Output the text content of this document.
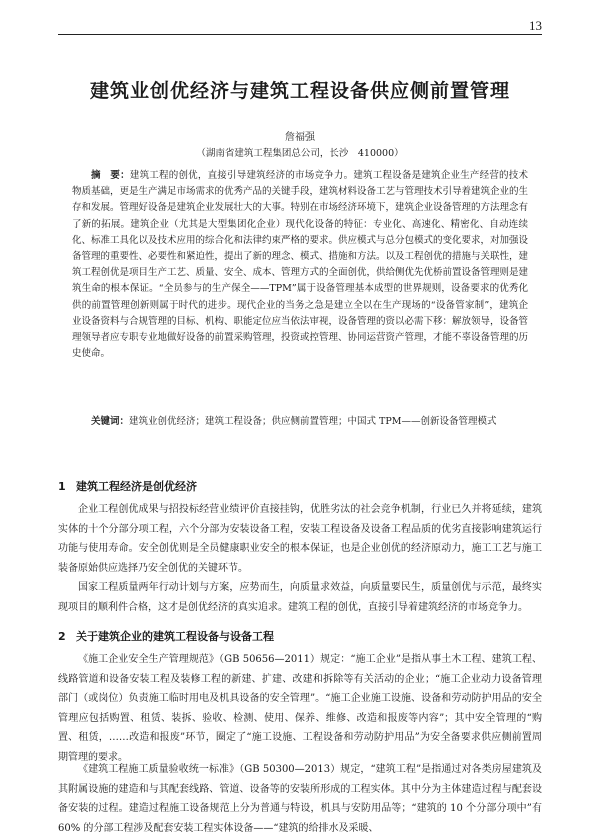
13
建筑业创优经济与建筑工程设备供应侧前置管理
詹福强
（湖南省建筑工程集团总公司，长沙　410000）

摘　要：建筑工程的创优，直接引导建筑经济的市场竞争力。建筑工程设备是建筑企业生产经营的技术物质基础，更是生产满足市场需求的优秀产品的关键手段，建筑材料设备工艺与管理技术引导着建筑企业的生存和发展。管理好设备是建筑企业发展壮大的大事。特别在市场经济环境下，建筑企业设备管理的方法理念有了新的拓展。建筑企业（尤其是大型集团化企业）现代化设备的特征：专业化、高速化、精密化、自动连续化、标准工具化以及技术应用的综合化和法律约束严格的要求。供应模式与总分包模式的变化要求，对加强设备管理的重要性、必要性和紧迫性，提出了新的理念、模式、措施和方法。以及工程创优的措施与关联性，建筑工程创优是项目生产工艺、质量、安全、成本、管理方式的全面创优，供给侧优先优桥前置设备管理则是建筑生命的根本保证。“全员参与的生产保全——TPM”属于设备管理基本成型的世界规则，设备要求的优秀化供的前置管理创新则属于时代的进步。现代企业的当务之急是建立全以在生产现场的“设备管家制”，建筑企业设备资料与合规管理的目标、机构、职能定位应当依法审视，设备管理的资以必需下移：解放领导，设备管理领导者应专职专业地做好设备的前置采购管理，投资或控管理、协同运营资产管理，才能不辜设备管理的历史使命。

关键词：建筑业创优经济；建筑工程设备；供应侧前置管理；中国式 TPM——创新设备管理模式

1 建筑工程经济是创优经济

企业工程创优成果与招投标经营业绩评价直接挂钩，优胜劣汰的社会竞争机制，行业已久并将延续，建筑实体的十个分部分项工程，六个分部为安装设备工程，安装工程设备及设备工程品质的优劣直接影响建筑运行功能与使用寿命。安全创优则是全员健康职业安全的根本保证，也是企业创优的经济原动力，施工工艺与施工装备原始供应选择乃安全创优的关键环节。

国家工程质量两年行动计划与方案，应势而生，向质量求效益，向质量要民生，质量创优与示范，最终实现项目的顺利件合格，这才是创优经济的真实追求。建筑工程的创优，直接引导着建筑经济的市场竞争力。

2 关于建筑企业的建筑工程设备与设备工程

《施工企业安全生产管理规范》（GB 50656—2011）规定：“施工企业”是指从事土木工程、建筑工程、线路管道和设备安装工程及装修工程的新建、扩建、改建和拆除等有关活动的企业；“施工企业动力设备管理部门（或岗位）负责施工临时用电及机具设备的安全管理”。“施工企业施工设施、设备和劳动防护用品的安全管理应包括购置、租赁、装拆、验收、检测、使用、保养、维修、改造和报废等内容”；其中安全管理的“购置、租赁，……改造和报废”环节，圈定了“施工设施、工程设备和劳动防护用品”为安全备要求供应侧前置周期管理的要求。

《建筑工程施工质量验收统一标准》（GB 50300—2013）规定，“建筑工程”是指通过对各类房屋建筑及其附属设施的建造和与其配套线路、管道、设备等的安装所形成的工程实体。其中分为主体建造过程与配套设备安装的过程。建造过程施工设备规范上分为普通与特设，机具与安防用品等；“建筑的 10 个分部分项中”有 60% 的分部工程涉及配套安装工程实体设备——“建筑的给排水及采暖、
